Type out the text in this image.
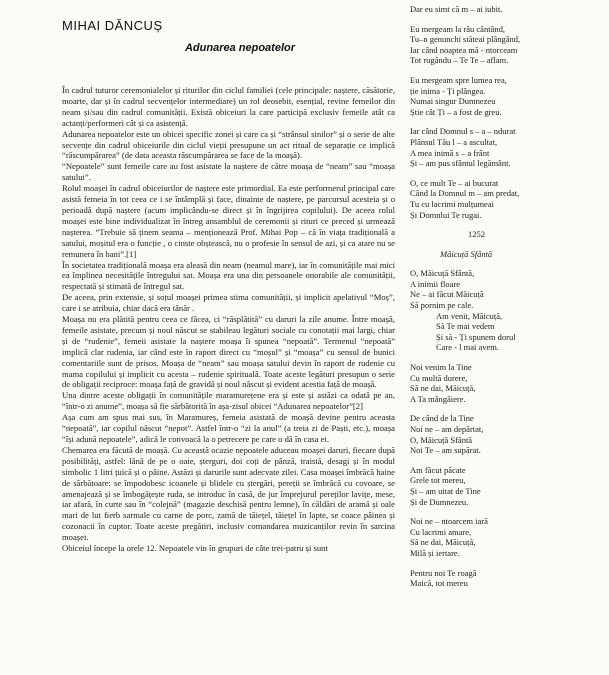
MIHAI DĂNCUȘ
Adunarea nepoatelor

În cadrul tuturor ceremonialelor și riturilor din ciclul familiei (cele principale: naștere, căsătorie, moarte, dar și în cadrul secvențelor intermediare) un rol deosebit, esențial, revine femeilor din neam și/sau din cadrul comunității. Există obiceiuri la care participă exclusiv femeile atât ca actanți/performeri cât și ca asistență.

Adunarea nepoatelor este un obicei specific zonei și care ca și “strânsul sinilor” și o serie de alte secvențe din cadrul obiceiurile din ciclul vieții presupune un act ritual de separație ce implică “răscumpărarea” (de data aceasta răscumpărarea se face de la moașă).

“Nepoatele” sunt femeile care au fost asistate la naștere de către moașa de “neam” sau “moașa satului”.

Rolul moașei în cadrul obiceiurilor de naștere este primordial. Ea este performerul principal care asistă femeia în tot ceea ce i se întâmplă și face, dinainte de naștere, pe parcursul acesteia și o perioadă după naștere (acum implicându-se direct și în îngrijirea copilului). De aceea rolul moașei este bine individualizat în întreg ansamblul de ceremonii și rituri ce preced și urmează nașterea. “Trebuie să ținem seama – menționează Prof. Mihai Pop – că în viața tradițională a satului, moșitul era o funcție , o cinste obștească, nu o profesie în sensul de azi, și ca atare nu se remunera în bani”.[1]

În societatea tradițională moașa era aleasă din neam (neamul mare), iar în comunitățile mai mici ea împlinea necesitățile întregului sat. Moașa era una din persoanele onorabile ale comunității, respectată și stimată de întregul sat.

De aceea, prin extensie, și soțul moașei primea stima comunității, și implicit apelativul “Moș”, care i se atribuia, chiar dacă era tânăr .

Moașa nu era plătită pentru ceea ce făcea, ci “răsplătită” cu daruri la zile anume. Între moașă, femeile asistate, precum și noul născut se stabileau legături sociale cu conotații mai largi, chiar și de “rudenie”, femeii asistate la naștere moașa îi spunea “nepoată”. Termenul “nepoată” implică clar rudenia, iar când este în raport direct cu “moșul” și “moașa” cu sensul de bunici comentariile sunt de prisos. Moașa de “neam” sau moașa satului devin în raport de rudenie cu mama copilului și implicit cu acesta – rudenie spirituală. Toate aceste legături presupun o serie de obligații reciproce: moașa față de gravidă și noul născut și evident acestia față de moașă.

Una dintre aceste obligații în comunitățile maramurețene era și este și astăzi ca odată pe an, “într-o zi anume”, moașa să fie sărbătorită în așa-zisul obicei “Adunarea nepoatelor”[2]

Așa cum am spus mai sus, în Maramureș, femeia asistată de moașă devine pentru aceasta “nepoată”, iar copilul născut “nepot”. Astfel într-o “zi la anul” (a treia zi de Paști, etc.), moașa “își adună nepoatele”, adică le convoacă la o petrecere pe care o dă în casa ei.

Chemarea era făcută de moașă. Cu această ocazie nepoatele aduceau moașei daruri, fiecare după posibilități, astfel: lână de pe o oaie, șterguri, doi coți de pânză, traistă, desagi și în modul simbolic 1 litri țuică și o pâine. Astăzi și darurile sunt adecvate zilei. Casa moașei îmbrăcă haine de sărbătoare: se împodobesc icoanele și blidele cu ștergări, pereții se îmbrăcă cu covoare, se amenajează și se îmbogățește ruda, se introduc în casă, de jur împrejurul pereților lavițe, mese, iar afară, în curte sau în “colejnă” (magazie deschisă pentru lemne), în căldări de aramă și oale mari de lut fierb sarmale cu carne de porc, zamă de tăiețel, tăiețel în lapte, se coace pâinea și cozonacii în cuptor. Toate aceste pregătiri, inclusiv comandarea muzicanților revin în sarcina moașei.

Obiceiul începe la orele 12. Nepoatele vin în grupuri de câte trei-patru și sunt

Dar eu simt că m – ai iubit.
Eu mergeam la râu cântând,
Tu–n genunchi stăteai plângând,
Iar când noaptea mă - ntorceam
Tot rugându – Te Te – aflam.
Eu mergeam spre lumea rea,
ție inima - Ți plângea.
Numai singur Dumnezeu
Știe cât Ți – a fost de greu.
Iar când Domnul s – a – ndurat
Plânsul Tău l – a ascultat,
A mea inimă s – a frânt
Și – am pus sfântul legământ.
O, ce mult Te – ai bucurat
Când la Domnul m – am predat,
Tu cu lacrimi mulțumeai
Și Domnlui Te rugai.
1252
Măicuță Sfântă
O, Măicuță Sfântă,
A inimii floare
Ne – ai făcut Măicuță
Să pornim pe cale.
Am venit, Măicuță,
Să Te mai vedem
Și să - Ți spunem dorul
Care - l mai avem.
Noi venim la Tine
Cu multă durere,
Să ne dai, Măicuță,
A Ta mângâiere.
De când de la Tine
Noi ne – am depărtat,
O, Măicuță Sfântă
Noi Te – am supărat.
Am făcut păcate
Grele tot mereu,
Și – am uitat de Tine
Și de Dumnezeu.
Noi ne – ntoarcem iară
Cu lacrimi amare,
Să ne dai, Măicuță,
Milă și iertare.
Pentru noi Te roagă
Maică, tot mereu
